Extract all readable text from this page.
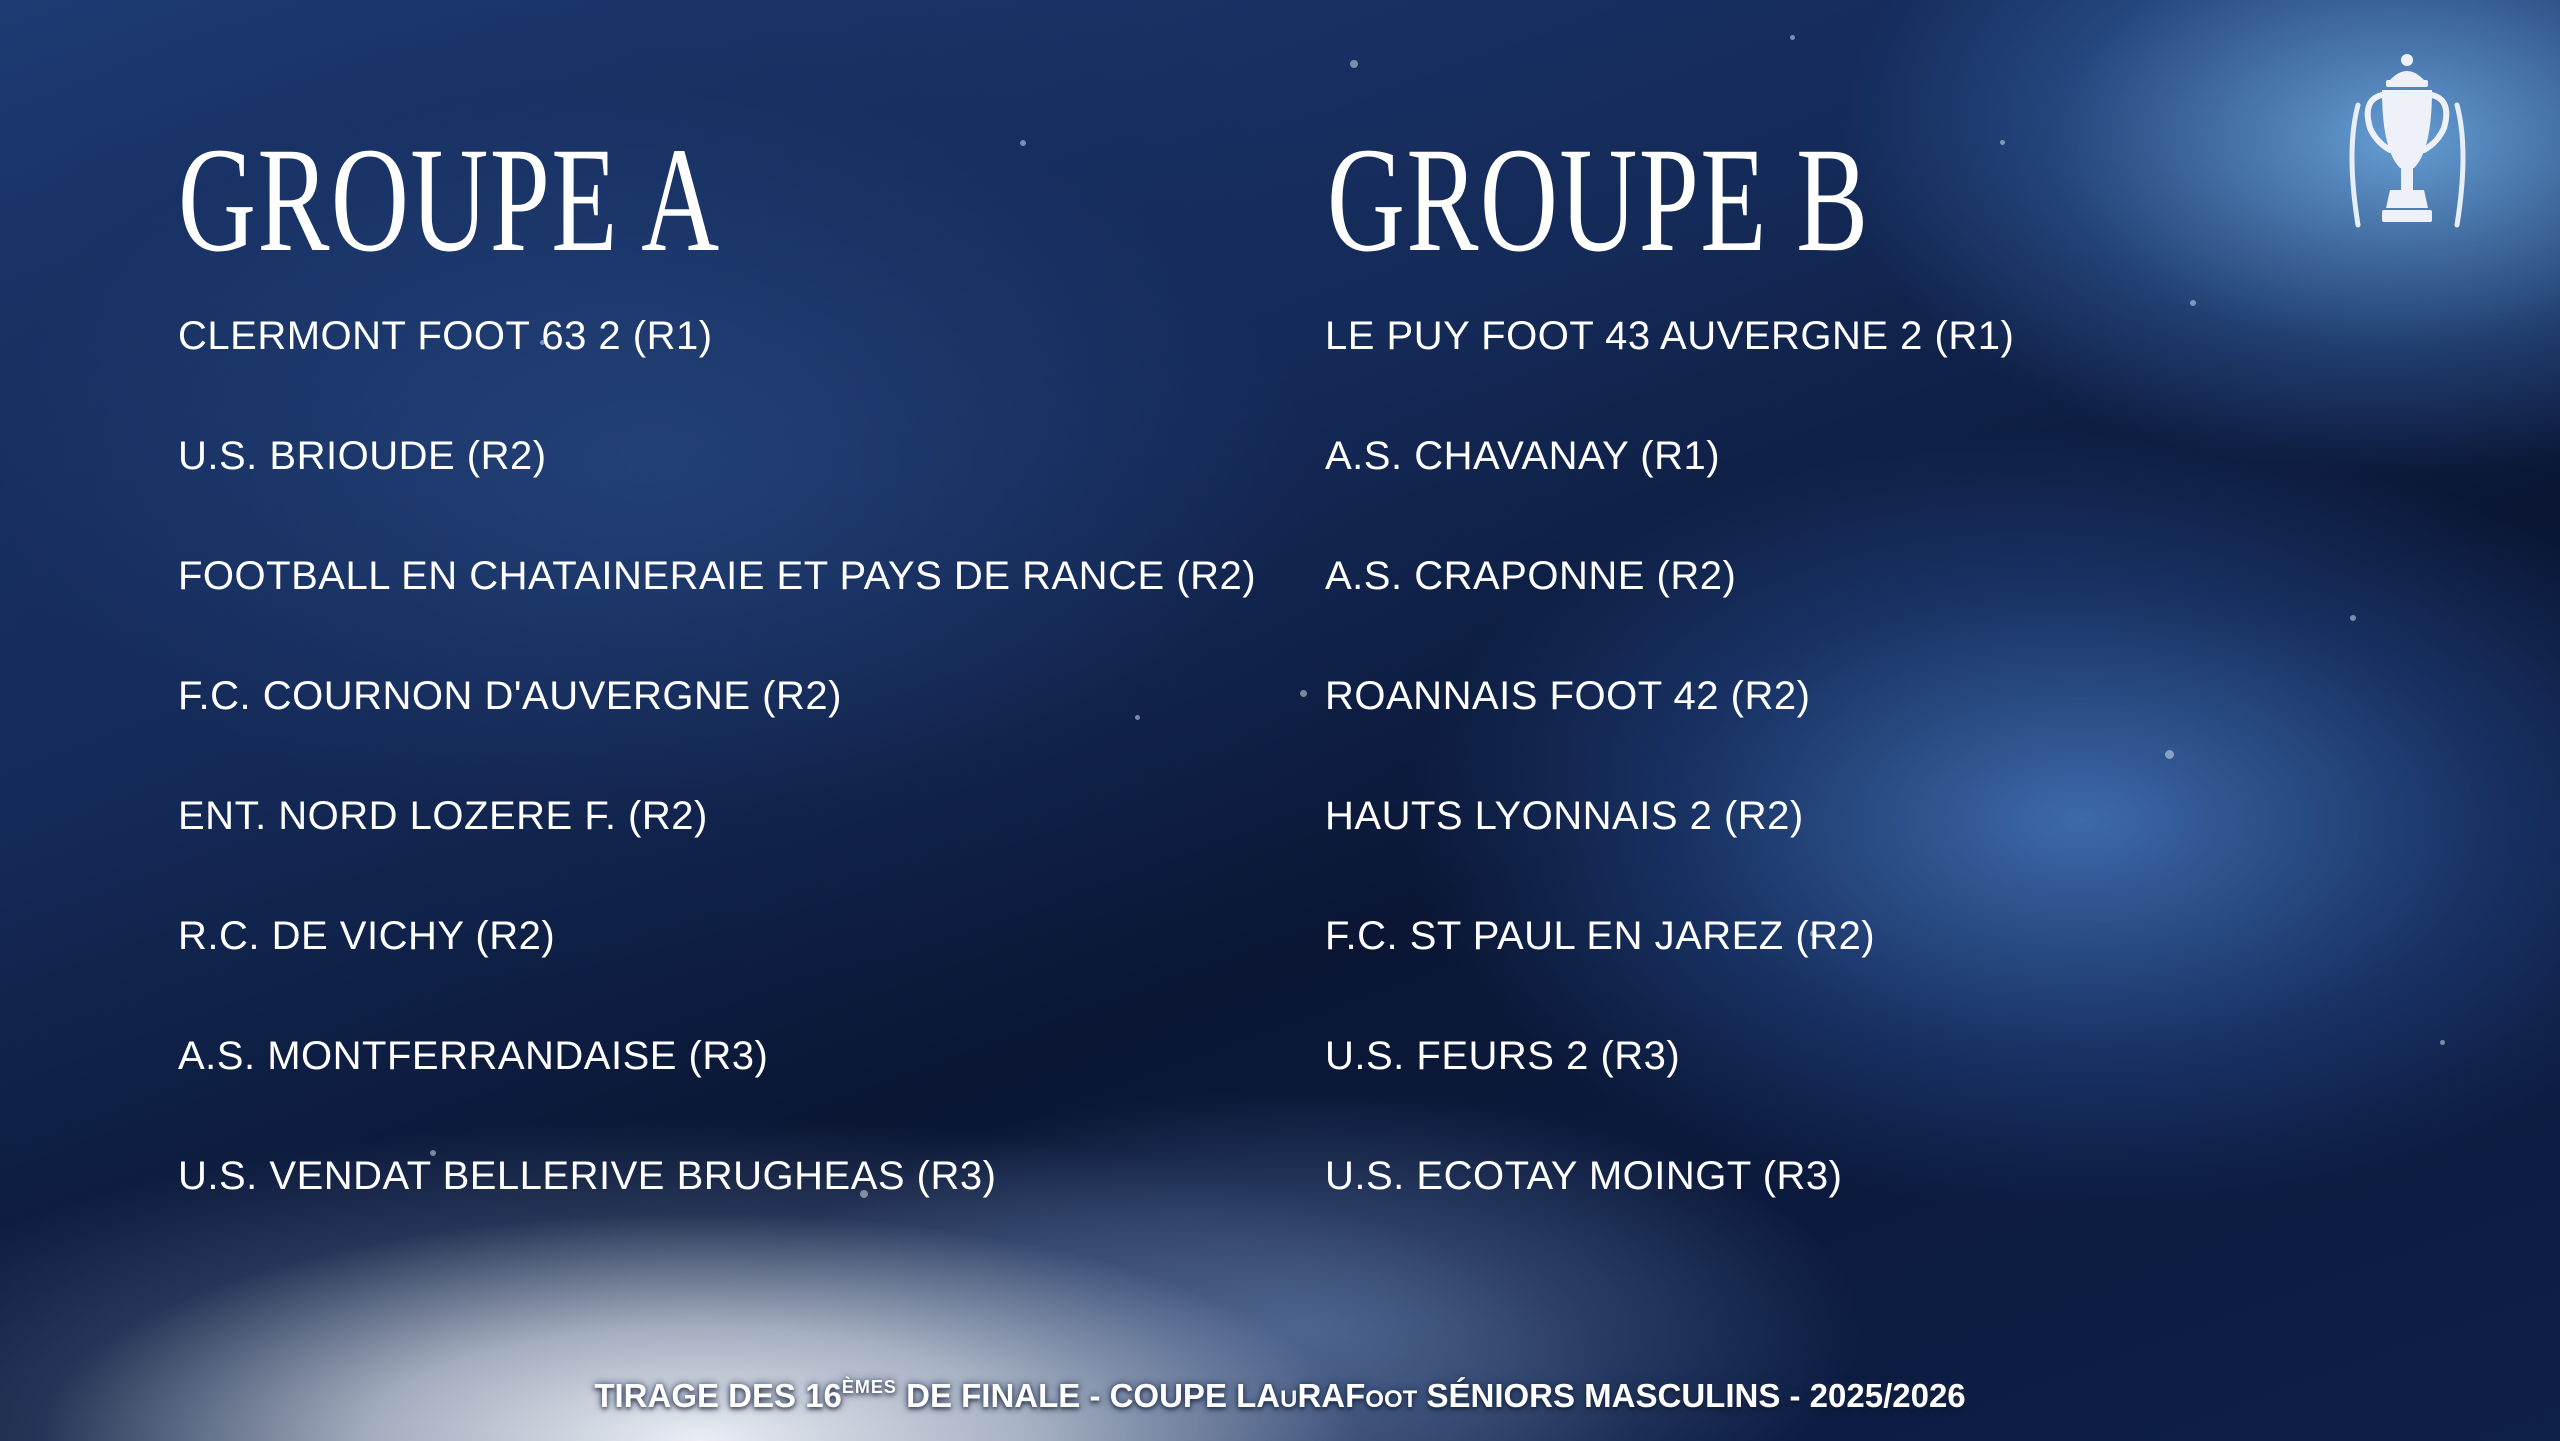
GROUPE A
CLERMONT FOOT 63 2 (R1)
U.S. BRIOUDE (R2)
FOOTBALL EN CHATAINERAIE ET PAYS DE RANCE (R2)
F.C. COURNON D'AUVERGNE (R2)
ENT. NORD LOZERE F. (R2)
R.C. DE VICHY (R2)
A.S. MONTFERRANDAISE (R3)
U.S. VENDAT BELLERIVE BRUGHEAS (R3)
GROUPE B
LE PUY FOOT 43 AUVERGNE 2 (R1)
A.S. CHAVANAY (R1)
A.S. CRAPONNE (R2)
ROANNAIS FOOT 42 (R2)
HAUTS LYONNAIS 2 (R2)
F.C. ST PAUL EN JAREZ (R2)
U.S. FEURS 2 (R3)
U.S. ECOTAY MOINGT (R3)
TIRAGE DES 16ÈMES DE FINALE - COUPE LAURAFOOT SÉNIORS MASCULINS - 2025/2026
